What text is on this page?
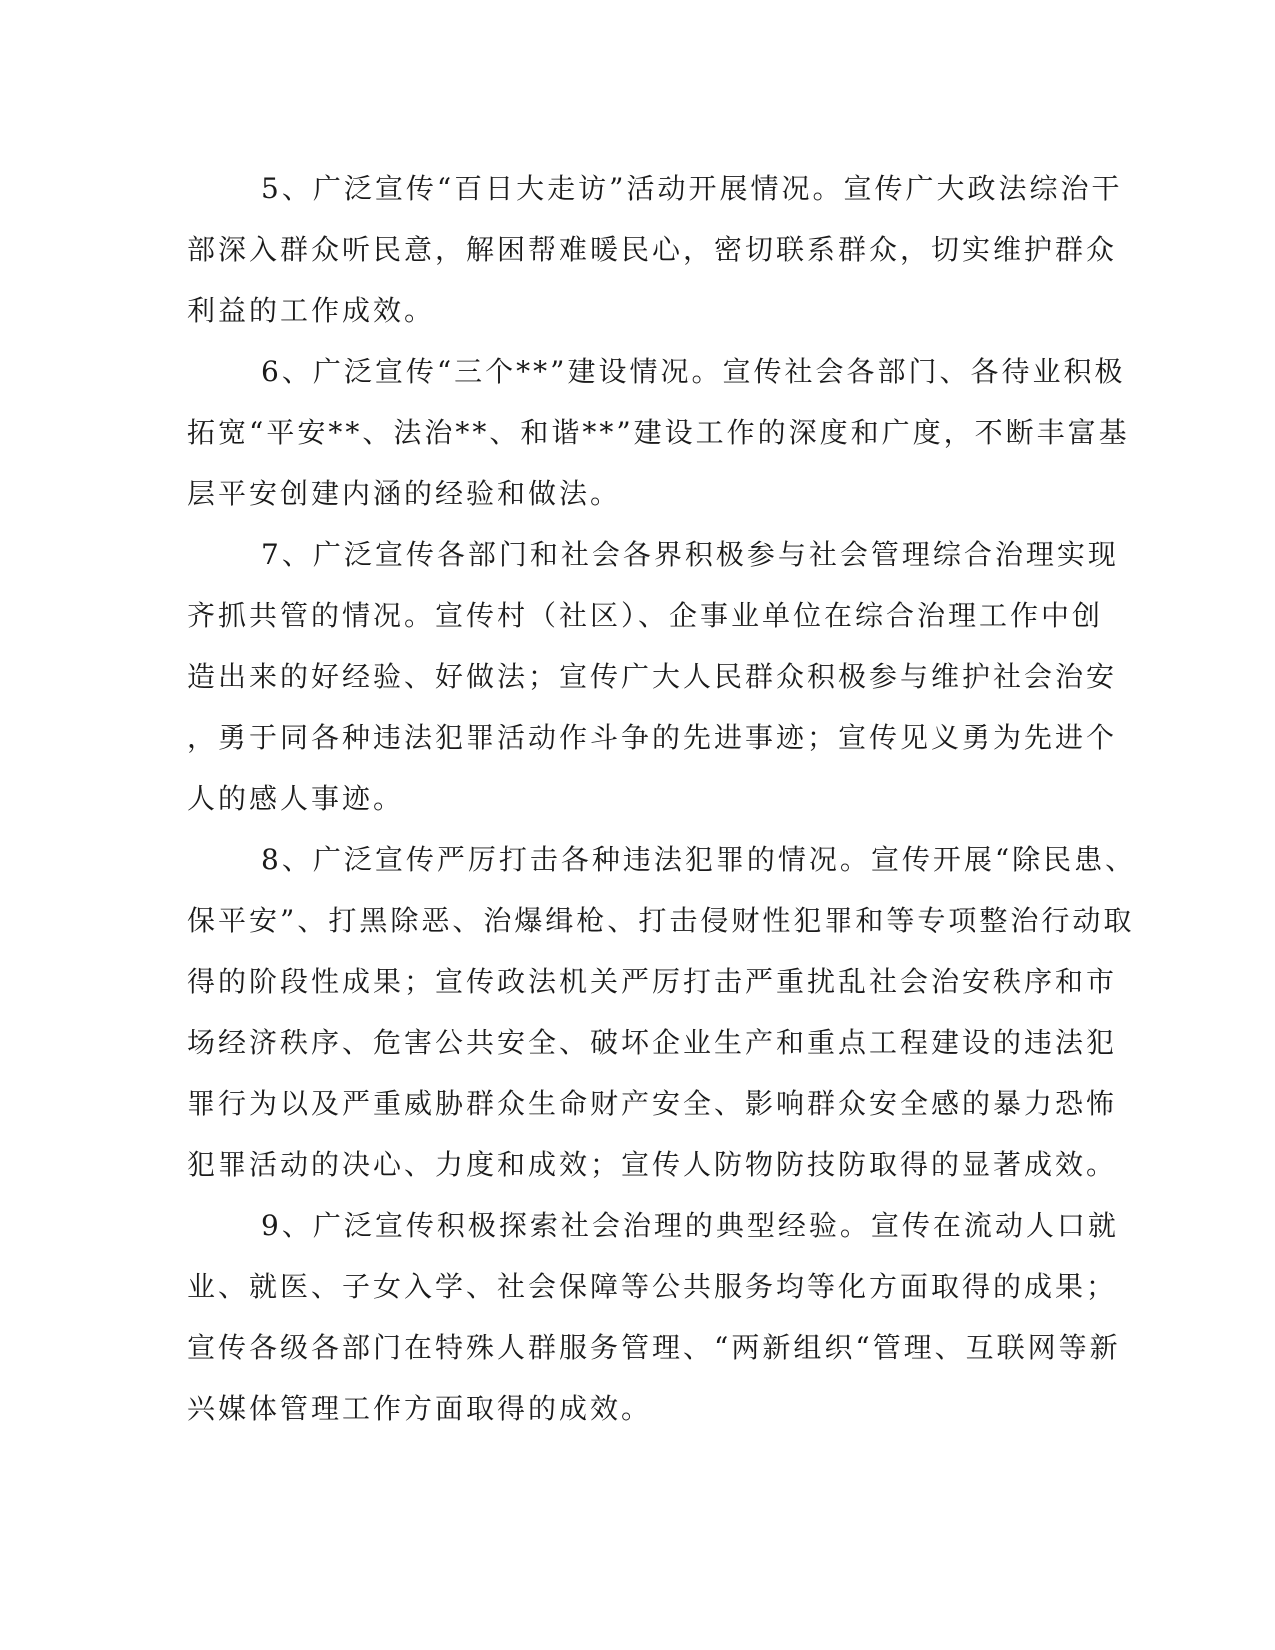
5、广泛宣传“百日大走访”活动开展情况。宣传广大政法综治干
部深入群众听民意，解困帮难暖民心，密切联系群众，切实维护群众
利益的工作成效。
6、广泛宣传“三个**”建设情况。宣传社会各部门、各待业积极
拓宽“平安**、法治**、和谐**”建设工作的深度和广度，不断丰富基
层平安创建内涵的经验和做法。
7、广泛宣传各部门和社会各界积极参与社会管理综合治理实现
齐抓共管的情况。宣传村（社区）、企事业单位在综合治理工作中创
造出来的好经验、好做法；宣传广大人民群众积极参与维护社会治安
，勇于同各种违法犯罪活动作斗争的先进事迹；宣传见义勇为先进个
人的感人事迹。
8、广泛宣传严厉打击各种违法犯罪的情况。宣传开展“除民患、
保平安”、打黑除恶、治爆缉枪、打击侵财性犯罪和等专项整治行动取
得的阶段性成果；宣传政法机关严厉打击严重扰乱社会治安秩序和市
场经济秩序、危害公共安全、破坏企业生产和重点工程建设的违法犯
罪行为以及严重威胁群众生命财产安全、影响群众安全感的暴力恐怖
犯罪活动的决心、力度和成效；宣传人防物防技防取得的显著成效。
9、广泛宣传积极探索社会治理的典型经验。宣传在流动人口就
业、就医、子女入学、社会保障等公共服务均等化方面取得的成果；
宣传各级各部门在特殊人群服务管理、“两新组织“管理、互联网等新
兴媒体管理工作方面取得的成效。
